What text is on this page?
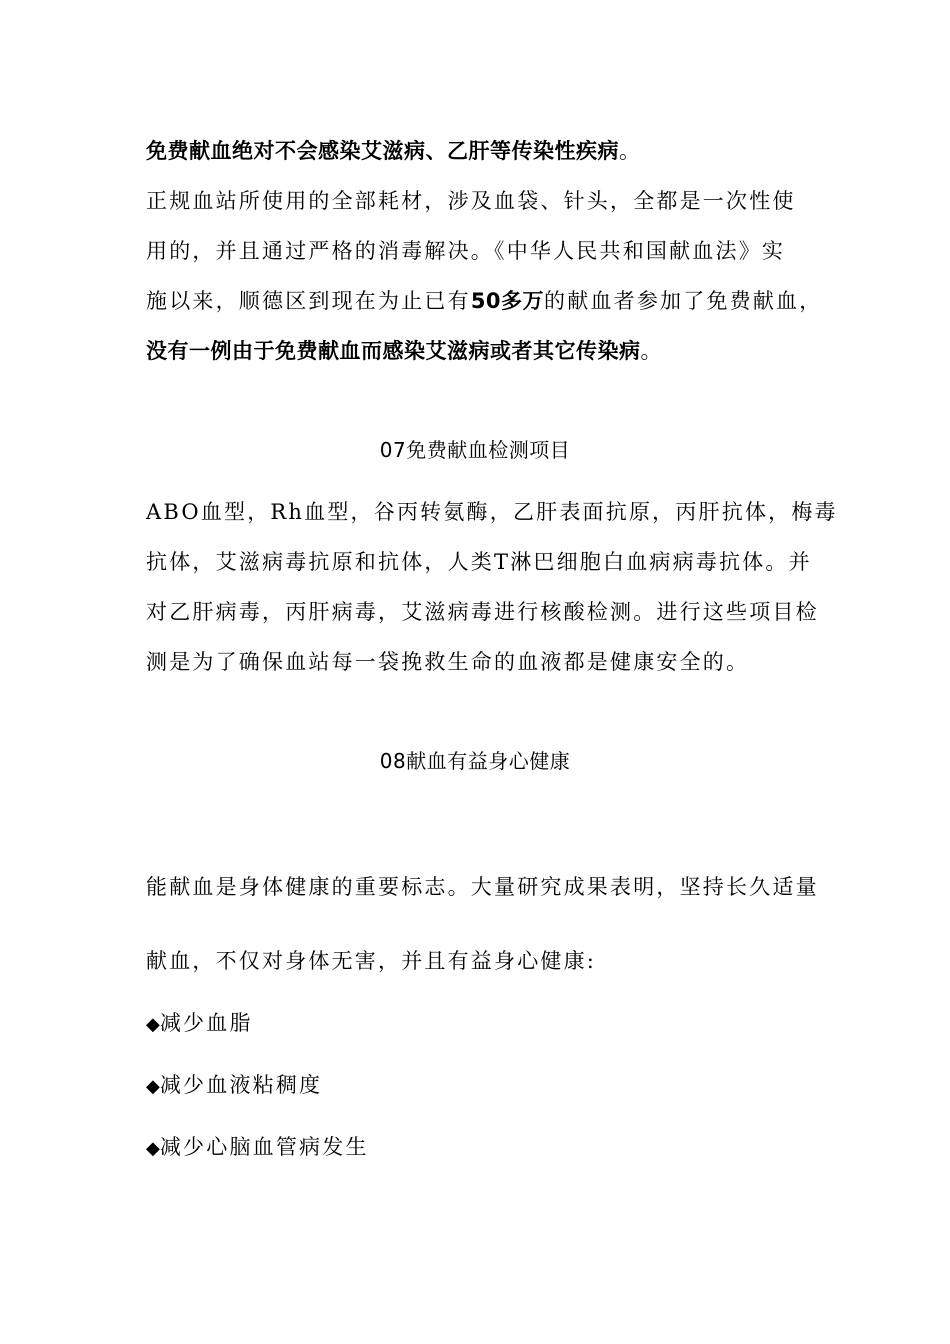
免费献血绝对不会感染艾滋病、乙肝等传染性疾病。
正规血站所使用的全部耗材，涉及血袋、针头，全都是一次性使
用的，并且通过严格的消毒解决。《中华人民共和国献血法》实
施以来，顺德区到现在为止已有50多万的献血者参加了免费献血，
没有一例由于免费献血而感染艾滋病或者其它传染病。
07免费献血检测项目
ABO血型，Rh血型，谷丙转氨酶，乙肝表面抗原，丙肝抗体，梅毒
抗体，艾滋病毒抗原和抗体，人类T淋巴细胞白血病病毒抗体。并
对乙肝病毒，丙肝病毒，艾滋病毒进行核酸检测。进行这些项目检
测是为了确保血站每一袋挽救生命的血液都是健康安全的。
08献血有益身心健康
能献血是身体健康的重要标志。大量研究成果表明，坚持长久适量
献血，不仅对身体无害，并且有益身心健康:
◆减少血脂
◆减少血液粘稠度
◆减少心脑血管病发生
